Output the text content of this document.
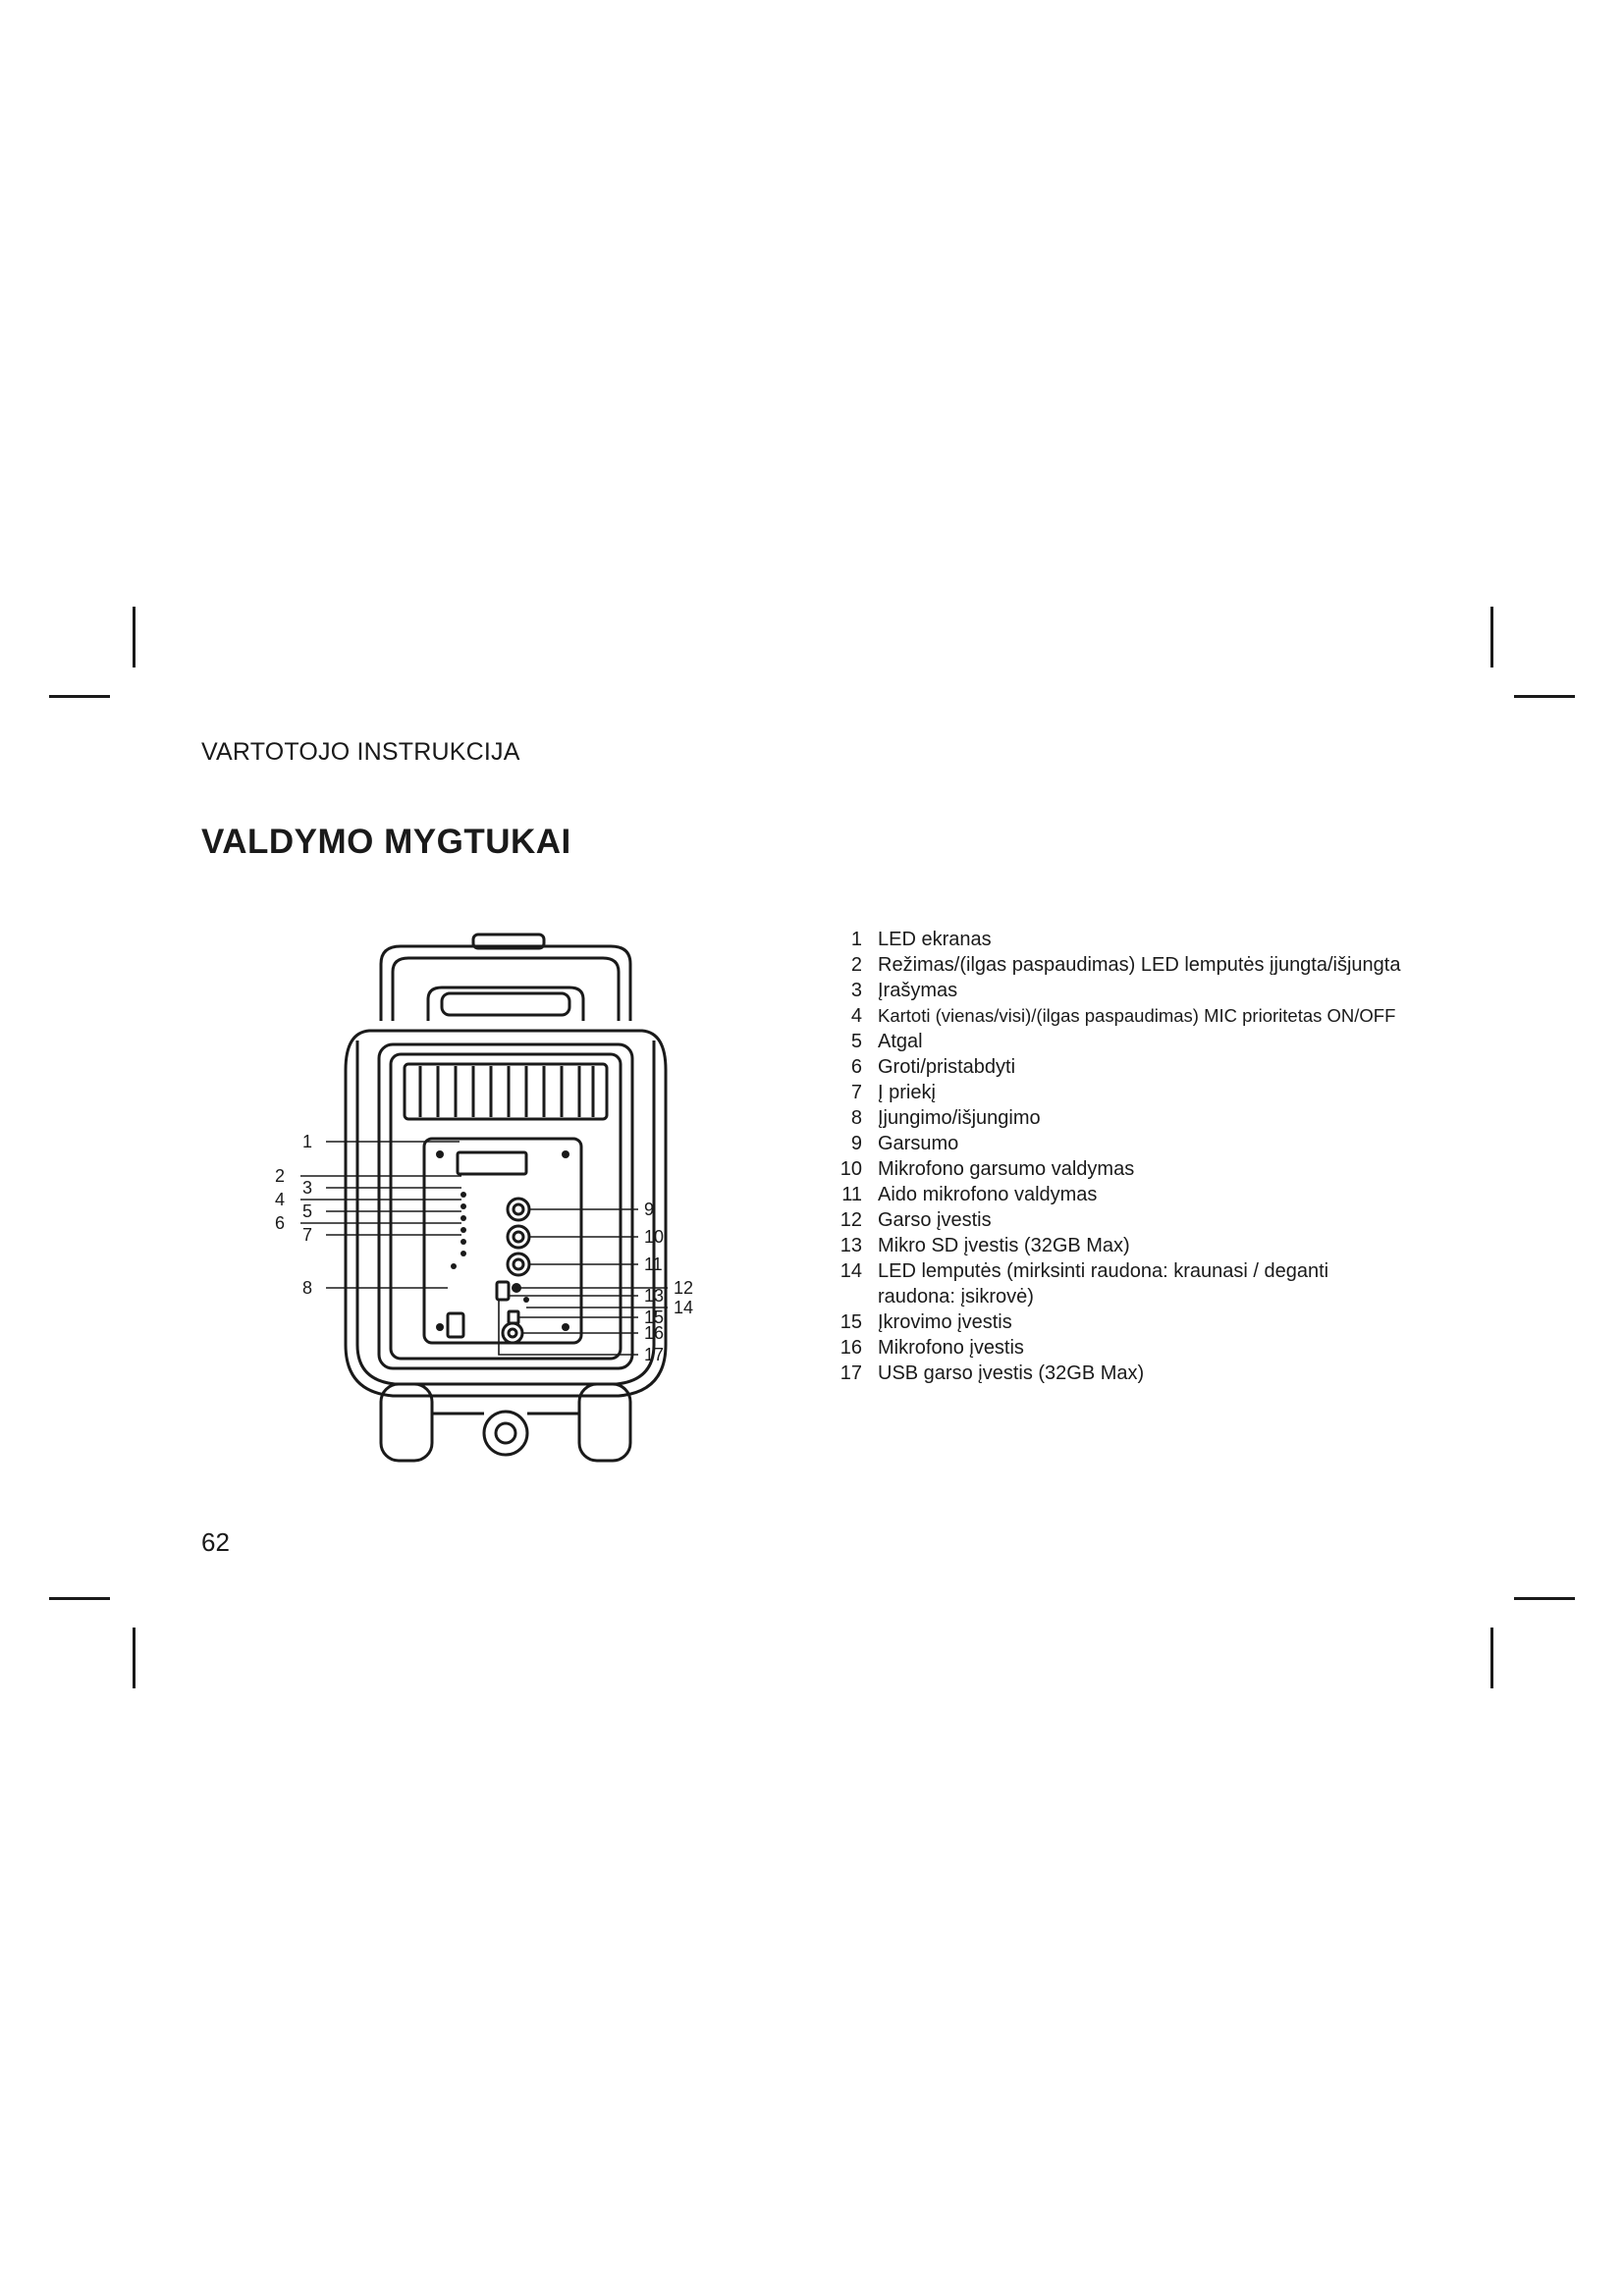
VARTOTOJO INSTRUKCIJA
VALDYMO MYGTUKAI
1
2
3
4
5
6
7
8
9
10
11
12
13
14
15
16
17
1 LED ekranas
2 Režimas/(ilgas paspaudimas) LED lemputės įjungta/išjungta
3 Įrašymas
4 Kartoti (vienas/visi)/(ilgas paspaudimas) MIC prioritetas ON/OFF
5 Atgal
6 Groti/pristabdyti
7 Į priekį
8 Įjungimo/išjungimo
9 Garsumo
10 Mikrofono garsumo valdymas
11 Aido mikrofono valdymas
12 Garso įvestis
13 Mikro SD įvestis (32GB Max)
14 LED lemputės (mirksinti raudona: kraunasi / deganti raudona: įsikrovė)
15 Įkrovimo įvestis
16 Mikrofono įvestis
17 USB garso įvestis (32GB Max)
62
